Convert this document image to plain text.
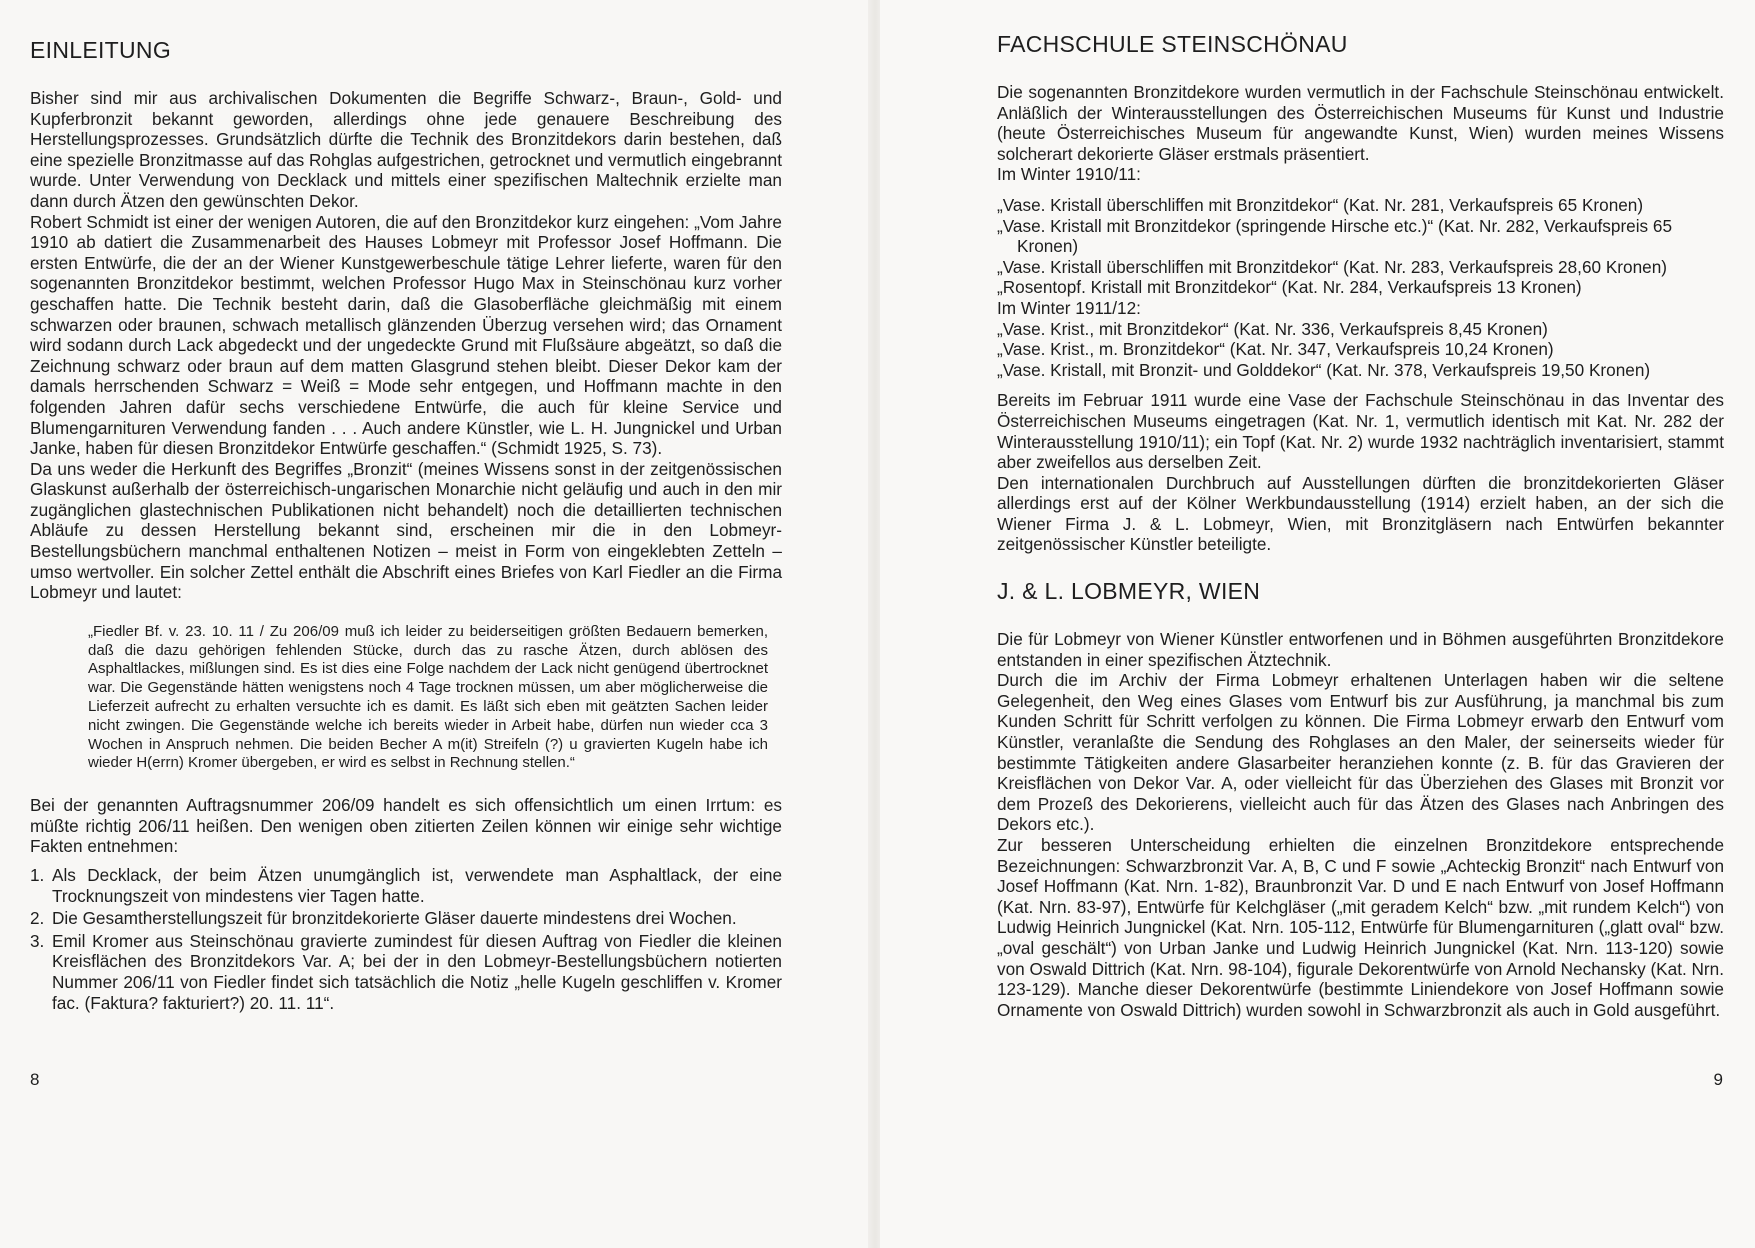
EINLEITUNG

Bisher sind mir aus archivalischen Dokumenten die Begriffe Schwarz-, Braun-, Gold- und Kupferbronzit bekannt geworden, allerdings ohne jede genauere Beschreibung des Herstellungsprozesses. Grundsätzlich dürfte die Technik des Bronzitdekors darin bestehen, daß eine spezielle Bronzitmasse auf das Rohglas aufgestrichen, getrocknet und vermutlich eingebrannt wurde. Unter Verwendung von Decklack und mittels einer spezifischen Maltechnik erzielte man dann durch Ätzen den gewünschten Dekor.

Robert Schmidt ist einer der wenigen Autoren, die auf den Bronzitdekor kurz eingehen: „Vom Jahre 1910 ab datiert die Zusammenarbeit des Hauses Lobmeyr mit Professor Josef Hoffmann. Die ersten Entwürfe, die der an der Wiener Kunstgewerbeschule tätige Lehrer lieferte, waren für den sogenannten Bronzitdekor bestimmt, welchen Professor Hugo Max in Steinschönau kurz vorher geschaffen hatte. Die Technik besteht darin, daß die Glasoberfläche gleichmäßig mit einem schwarzen oder braunen, schwach metallisch glänzenden Überzug versehen wird; das Ornament wird sodann durch Lack abgedeckt und der ungedeckte Grund mit Flußsäure abgeätzt, so daß die Zeichnung schwarz oder braun auf dem matten Glasgrund stehen bleibt. Dieser Dekor kam der damals herrschenden Schwarz = Weiß = Mode sehr entgegen, und Hoffmann machte in den folgenden Jahren dafür sechs verschiedene Entwürfe, die auch für kleine Service und Blumengarnituren Verwendung fanden . . . Auch andere Künstler, wie L. H. Jungnickel und Urban Janke, haben für diesen Bronzitdekor Entwürfe geschaffen.“ (Schmidt 1925, S. 73).

Da uns weder die Herkunft des Begriffes „Bronzit“ (meines Wissens sonst in der zeitgenössischen Glaskunst außerhalb der österreichisch-ungarischen Monarchie nicht geläufig und auch in den mir zugänglichen glastechnischen Publikationen nicht behandelt) noch die detaillierten technischen Abläufe zu dessen Herstellung bekannt sind, erscheinen mir die in den Lobmeyr-Bestellungsbüchern manchmal enthaltenen Notizen – meist in Form von eingeklebten Zetteln – umso wertvoller. Ein solcher Zettel enthält die Abschrift eines Briefes von Karl Fiedler an die Firma Lobmeyr und lautet:

„Fiedler Bf. v. 23. 10. 11 / Zu 206/09 muß ich leider zu beiderseitigen größten Bedauern bemerken, daß die dazu gehörigen fehlenden Stücke, durch das zu rasche Ätzen, durch ablösen des Asphaltlackes, mißlungen sind. Es ist dies eine Folge nachdem der Lack nicht genügend übertrocknet war. Die Gegenstände hätten wenigstens noch 4 Tage trocknen müssen, um aber möglicherweise die Lieferzeit aufrecht zu erhalten versuchte ich es damit. Es läßt sich eben mit geätzten Sachen leider nicht zwingen. Die Gegenstände welche ich bereits wieder in Arbeit habe, dürfen nun wieder cca 3 Wochen in Anspruch nehmen. Die beiden Becher A m(it) Streifeln (?) u gravierten Kugeln habe ich wieder H(errn) Kromer übergeben, er wird es selbst in Rechnung stellen.“

Bei der genannten Auftragsnummer 206/09 handelt es sich offensichtlich um einen Irrtum: es müßte richtig 206/11 heißen. Den wenigen oben zitierten Zeilen können wir einige sehr wichtige Fakten entnehmen:

1. Als Decklack, der beim Ätzen unumgänglich ist, verwendete man Asphaltlack, der eine Trocknungszeit von mindestens vier Tagen hatte.
2. Die Gesamtherstellungszeit für bronzitdekorierte Gläser dauerte mindestens drei Wochen.
3. Emil Kromer aus Steinschönau gravierte zumindest für diesen Auftrag von Fiedler die kleinen Kreisflächen des Bronzitdekors Var. A; bei der in den Lobmeyr-Bestellungsbüchern notierten Nummer 206/11 von Fiedler findet sich tatsächlich die Notiz „helle Kugeln geschliffen v. Kromer fac. (Faktura? fakturiert?) 20. 11. 11“.
8
FACHSCHULE STEINSCHÖNAU

Die sogenannten Bronzitdekore wurden vermutlich in der Fachschule Steinschönau entwickelt. Anläßlich der Winterausstellungen des Österreichischen Museums für Kunst und Industrie (heute Österreichisches Museum für angewandte Kunst, Wien) wurden meines Wissens solcherart dekorierte Gläser erstmals präsentiert.

Im Winter 1910/11:

„Vase. Kristall überschliffen mit Bronzitdekor“ (Kat. Nr. 281, Verkaufspreis 65 Kronen)

„Vase. Kristall mit Bronzitdekor (springende Hirsche etc.)“ (Kat. Nr. 282, Verkaufspreis 65 Kronen)

„Vase. Kristall überschliffen mit Bronzitdekor“ (Kat. Nr. 283, Verkaufspreis 28,60 Kronen)

„Rosentopf. Kristall mit Bronzitdekor“ (Kat. Nr. 284, Verkaufspreis 13 Kronen)

Im Winter 1911/12:

„Vase. Krist., mit Bronzitdekor“ (Kat. Nr. 336, Verkaufspreis 8,45 Kronen)

„Vase. Krist., m. Bronzitdekor“ (Kat. Nr. 347, Verkaufspreis 10,24 Kronen)

„Vase. Kristall, mit Bronzit- und Golddekor“ (Kat. Nr. 378, Verkaufspreis 19,50 Kronen)

Bereits im Februar 1911 wurde eine Vase der Fachschule Steinschönau in das Inventar des Österreichischen Museums eingetragen (Kat. Nr. 1, vermutlich identisch mit Kat. Nr. 282 der Winterausstellung 1910/11); ein Topf (Kat. Nr. 2) wurde 1932 nachträglich inventarisiert, stammt aber zweifellos aus derselben Zeit.

Den internationalen Durchbruch auf Ausstellungen dürften die bronzitdekorierten Gläser allerdings erst auf der Kölner Werkbundausstellung (1914) erzielt haben, an der sich die Wiener Firma J. & L. Lobmeyr, Wien, mit Bronzitgläsern nach Entwürfen bekannter zeitgenössischer Künstler beteiligte.

J. & L. LOBMEYR, WIEN

Die für Lobmeyr von Wiener Künstler entworfenen und in Böhmen ausgeführten Bronzitdekore entstanden in einer spezifischen Ätztechnik.

Durch die im Archiv der Firma Lobmeyr erhaltenen Unterlagen haben wir die seltene Gelegenheit, den Weg eines Glases vom Entwurf bis zur Ausführung, ja manchmal bis zum Kunden Schritt für Schritt verfolgen zu können. Die Firma Lobmeyr erwarb den Entwurf vom Künstler, veranlaßte die Sendung des Rohglases an den Maler, der seinerseits wieder für bestimmte Tätigkeiten andere Glasarbeiter heranziehen konnte (z. B. für das Gravieren der Kreisflächen von Dekor Var. A, oder vielleicht für das Überziehen des Glases mit Bronzit vor dem Prozeß des Dekorierens, vielleicht auch für das Ätzen des Glases nach Anbringen des Dekors etc.).

Zur besseren Unterscheidung erhielten die einzelnen Bronzitdekore entsprechende Bezeichnungen: Schwarzbronzit Var. A, B, C und F sowie „Achteckig Bronzit“ nach Entwurf von Josef Hoffmann (Kat. Nrn. 1-82), Braunbronzit Var. D und E nach Entwurf von Josef Hoffmann (Kat. Nrn. 83-97), Entwürfe für Kelchgläser („mit geradem Kelch“ bzw. „mit rundem Kelch“) von Ludwig Heinrich Jungnickel (Kat. Nrn. 105-112, Entwürfe für Blumengarnituren („glatt oval“ bzw. „oval geschält“) von Urban Janke und Ludwig Heinrich Jungnickel (Kat. Nrn. 113-120) sowie von Oswald Dittrich (Kat. Nrn. 98-104), figurale Dekorentwürfe von Arnold Nechansky (Kat. Nrn. 123-129). Manche dieser Dekorentwürfe (bestimmte Liniendekore von Josef Hoffmann sowie Ornamente von Oswald Dittrich) wurden sowohl in Schwarzbronzit als auch in Gold ausgeführt.

9
